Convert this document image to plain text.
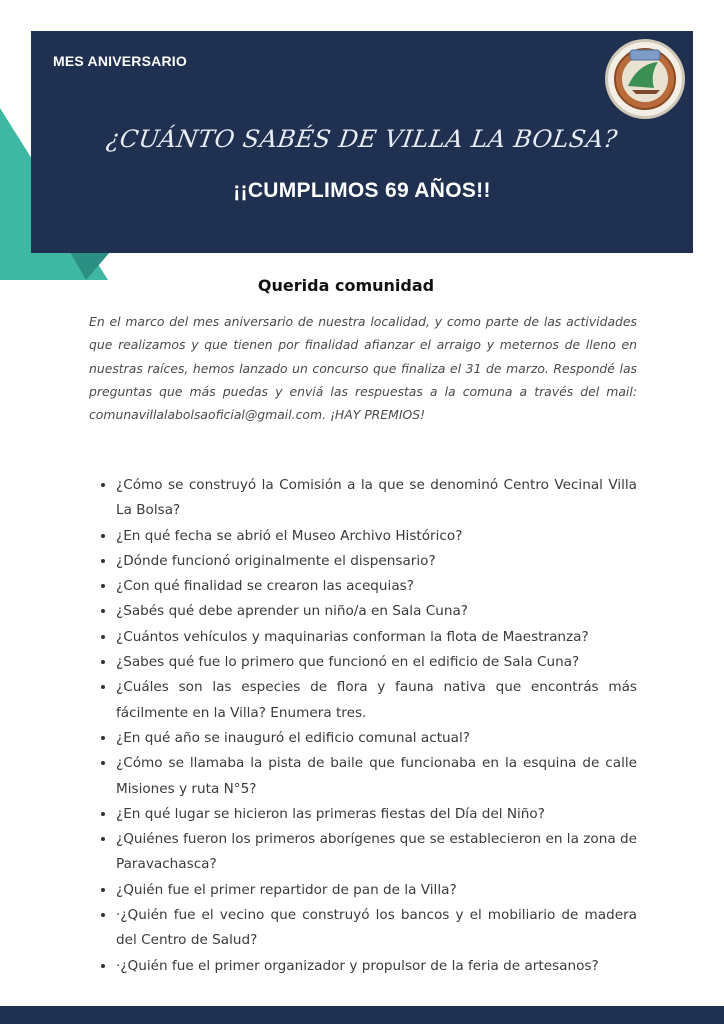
MES ANIVERSARIO
¿CUÁNTO SABÉS DE VILLA LA BOLSA?
¡¡CUMPLIMOS 69 AÑOS!!
Querida comunidad

En el marco del mes aniversario de nuestra localidad, y como parte de las actividades que realizamos y que tienen por finalidad afianzar el arraigo y meternos de lleno en nuestras raíces, hemos lanzado un concurso que finaliza el 31 de marzo. Respondé las preguntas que más puedas y enviá las respuestas a la comuna a través del mail: comunavillalabolsaoficial@gmail.com. ¡HAY PREMIOS!

• ¿Cómo se construyó la Comisión a la que se denominó Centro Vecinal Villa La Bolsa?
• ¿En qué fecha se abrió el Museo Archivo Histórico?
• ¿Dónde funcionó originalmente el dispensario?
• ¿Con qué finalidad se crearon las acequias?
• ¿Sabés qué debe aprender un niño/a en Sala Cuna?
• ¿Cuántos vehículos y maquinarias conforman la flota de Maestranza?
• ¿Sabes qué fue lo primero que funcionó en el edificio de Sala Cuna?
• ¿Cuáles son las especies de flora y fauna nativa que encontrás más fácilmente en la Villa? Enumera tres.
• ¿En qué año se inauguró el edificio comunal actual?
• ¿Cómo se llamaba la pista de baile que funcionaba en la esquina de calle Misiones y ruta N°5?
• ¿En qué lugar se hicieron las primeras fiestas del Día del Niño?
• ¿Quiénes fueron los primeros aborígenes que se establecieron en la zona de Paravachasca?
• ¿Quién fue el primer repartidor de pan de la Villa?
• ·¿Quién fue el vecino que construyó los bancos y el mobiliario de madera del Centro de Salud?
• ·¿Quién fue el primer organizador y propulsor de la feria de artesanos?
